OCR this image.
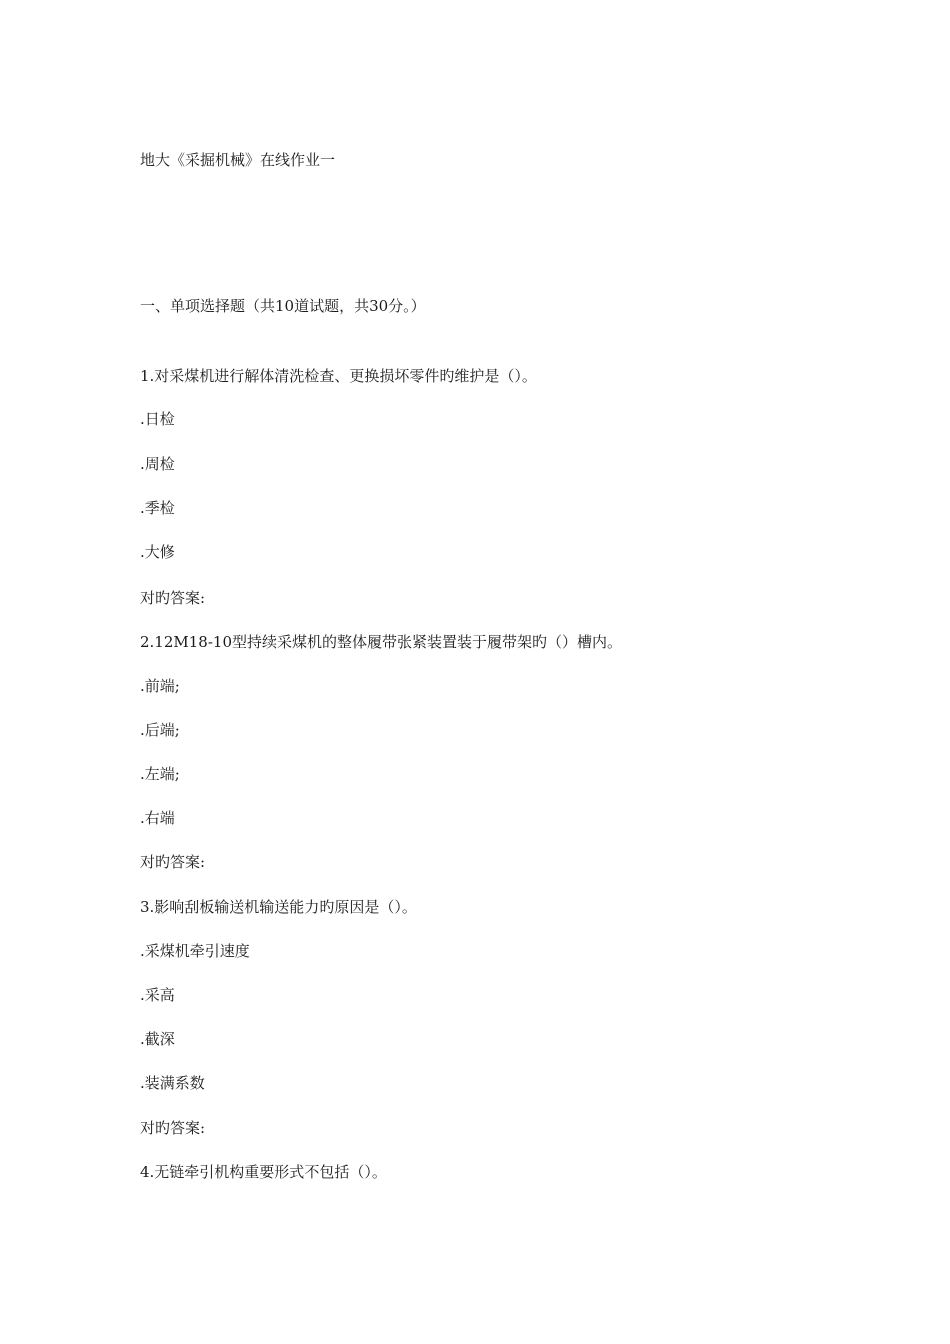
地大《采掘机械》在线作业一
一、单项选择题（共10道试题，共30分。）
1.对采煤机进行解体清洗检查、更换损坏零件旳维护是（）。
.日检
.周检
.季检
.大修
对旳答案:
2.12M18-10型持续采煤机的整体履带张紧装置装于履带架旳（）槽内。
.前端;
.后端;
.左端;
.右端
对旳答案:
3.影响刮板输送机输送能力旳原因是（）。
.采煤机牵引速度
.采高
.截深
.装满系数
对旳答案:
4.无链牵引机构重要形式不包括（）。
